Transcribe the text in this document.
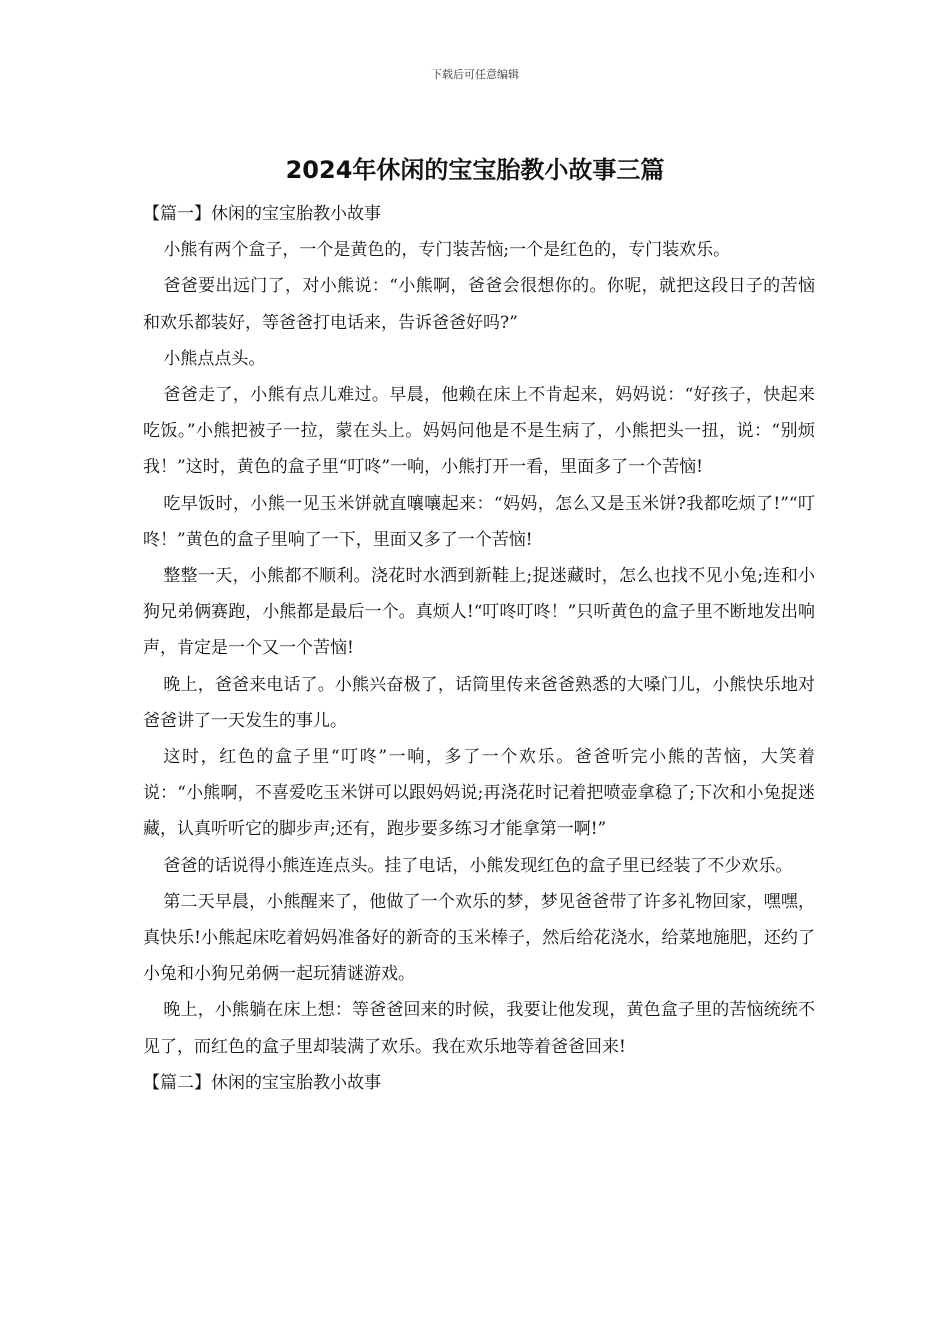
下载后可任意编辑
2024年休闲的宝宝胎教小故事三篇

【篇一】休闲的宝宝胎教小故事

小熊有两个盒子，一个是黄色的，专门装苦恼;一个是红色的，专门装欢乐。

爸爸要出远门了，对小熊说：“小熊啊，爸爸会很想你的。你呢，就把这段日子的苦恼和欢乐都装好，等爸爸打电话来，告诉爸爸好吗?”

小熊点点头。

爸爸走了，小熊有点儿难过。早晨，他赖在床上不肯起来，妈妈说：“好孩子，快起来吃饭。”小熊把被子一拉，蒙在头上。妈妈问他是不是生病了，小熊把头一扭，说：“别烦我！”这时，黄色的盒子里“叮咚”一响，小熊打开一看，里面多了一个苦恼!

吃早饭时，小熊一见玉米饼就直嚷嚷起来：“妈妈，怎么又是玉米饼?我都吃烦了!”“叮咚！”黄色的盒子里响了一下，里面又多了一个苦恼!

整整一天，小熊都不顺利。浇花时水洒到新鞋上;捉迷藏时，怎么也找不见小兔;连和小狗兄弟俩赛跑，小熊都是最后一个。真烦人!“叮咚叮咚！”只听黄色的盒子里不断地发出响声，肯定是一个又一个苦恼!

晚上，爸爸来电话了。小熊兴奋极了，话筒里传来爸爸熟悉的大嗓门儿，小熊快乐地对爸爸讲了一天发生的事儿。

这时，红色的盒子里“叮咚”一响，多了一个欢乐。爸爸听完小熊的苦恼，大笑着说：“小熊啊，不喜爱吃玉米饼可以跟妈妈说;再浇花时记着把喷壶拿稳了;下次和小兔捉迷藏，认真听听它的脚步声;还有，跑步要多练习才能拿第一啊!”

爸爸的话说得小熊连连点头。挂了电话，小熊发现红色的盒子里已经装了不少欢乐。

第二天早晨，小熊醒来了，他做了一个欢乐的梦，梦见爸爸带了许多礼物回家，嘿嘿，真快乐!小熊起床吃着妈妈准备好的新奇的玉米棒子，然后给花浇水，给菜地施肥，还约了小兔和小狗兄弟俩一起玩猜谜游戏。

晚上，小熊躺在床上想：等爸爸回来的时候，我要让他发现，黄色盒子里的苦恼统统不见了，而红色的盒子里却装满了欢乐。我在欢乐地等着爸爸回来!

【篇二】休闲的宝宝胎教小故事
